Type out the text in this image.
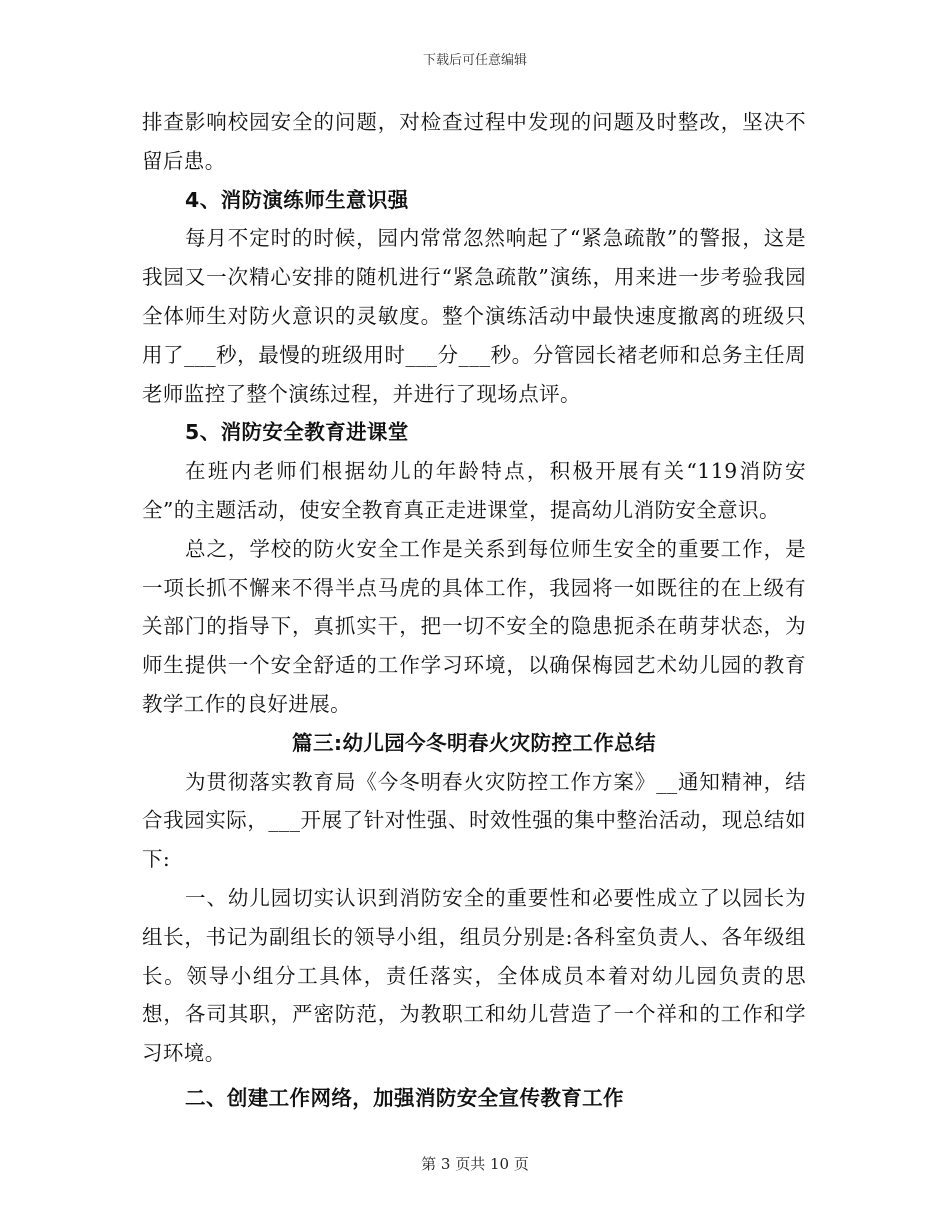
下载后可任意编辑

排查影响校园安全的问题，对检查过程中发现的问题及时整改，坚决不留后患。

4、消防演练师生意识强

每月不定时的时候，园内常常忽然响起了“紧急疏散”的警报，这是我园又一次精心安排的随机进行“紧急疏散”演练，用来进一步考验我园全体师生对防火意识的灵敏度。整个演练活动中最快速度撤离的班级只用了___秒，最慢的班级用时___分___秒。分管园长褚老师和总务主任周老师监控了整个演练过程，并进行了现场点评。

5、消防安全教育进课堂

在班内老师们根据幼儿的年龄特点，积极开展有关“119消防安全”的主题活动，使安全教育真正走进课堂，提高幼儿消防安全意识。

总之，学校的防火安全工作是关系到每位师生安全的重要工作，是一项长抓不懈来不得半点马虎的具体工作，我园将一如既往的在上级有关部门的指导下，真抓实干，把一切不安全的隐患扼杀在萌芽状态，为师生提供一个安全舒适的工作学习环境，以确保梅园艺术幼儿园的教育教学工作的良好进展。

篇三:幼儿园今冬明春火灾防控工作总结

为贯彻落实教育局《今冬明春火灾防控工作方案》__通知精神，结合我园实际，___开展了针对性强、时效性强的集中整治活动，现总结如下:

一、幼儿园切实认识到消防安全的重要性和必要性成立了以园长为组长，书记为副组长的领导小组，组员分别是:各科室负责人、各年级组长。领导小组分工具体，责任落实，全体成员本着对幼儿园负责的思想，各司其职，严密防范，为教职工和幼儿营造了一个祥和的工作和学习环境。

二、创建工作网络，加强消防安全宣传教育工作

第 3 页共 10 页
